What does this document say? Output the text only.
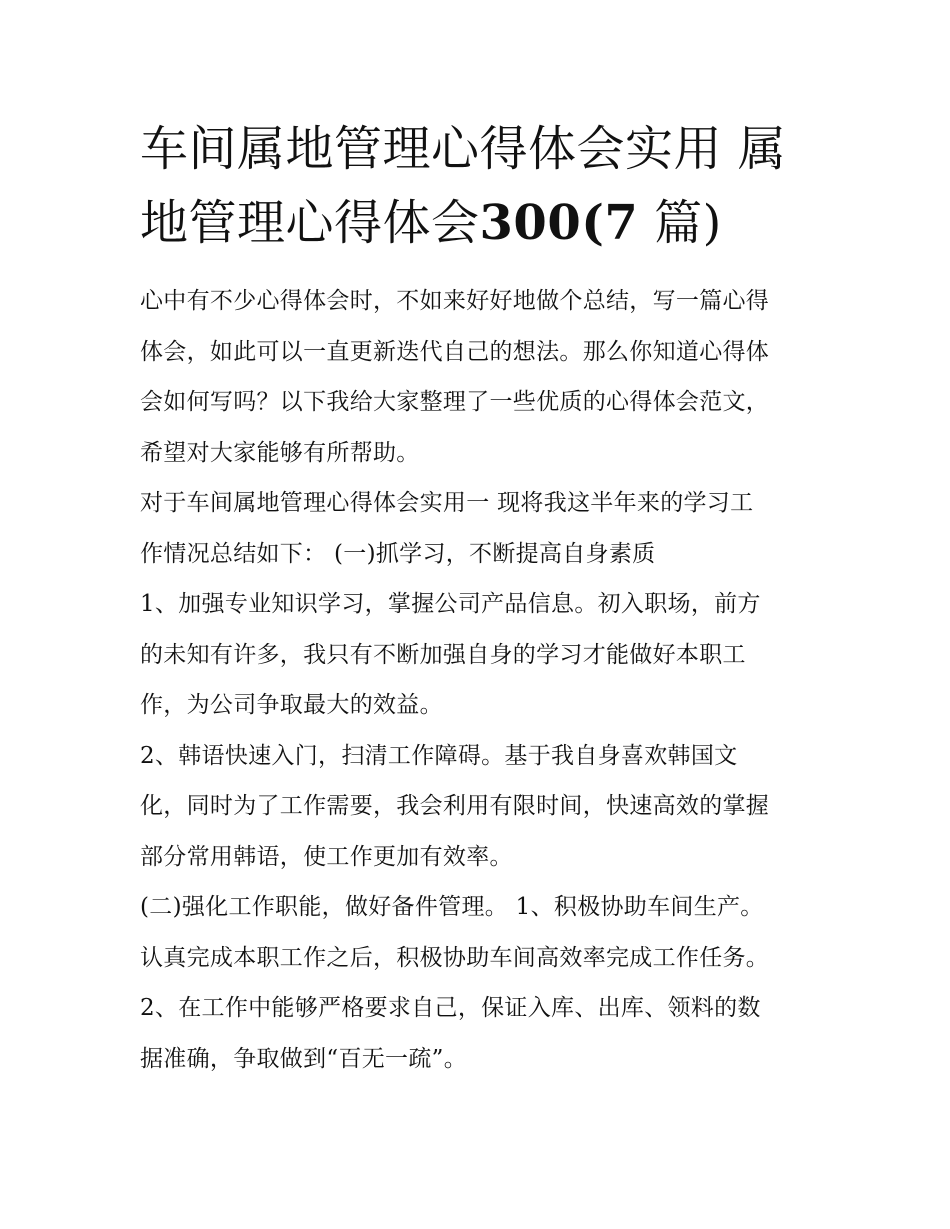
车间属地管理心得体会实用 属
地管理心得体会300(7 篇)
心中有不少心得体会时，不如来好好地做个总结，写一篇心得
体会，如此可以一直更新迭代自己的想法。那么你知道心得体
会如何写吗？以下我给大家整理了一些优质的心得体会范文，
希望对大家能够有所帮助。
对于车间属地管理心得体会实用一 现将我这半年来的学习工
作情况总结如下： (一)抓学习，不断提高自身素质
1、加强专业知识学习，掌握公司产品信息。初入职场，前方
的未知有许多，我只有不断加强自身的学习才能做好本职工
作，为公司争取最大的效益。
2、韩语快速入门，扫清工作障碍。基于我自身喜欢韩国文
化，同时为了工作需要，我会利用有限时间，快速高效的掌握
部分常用韩语，使工作更加有效率。
(二)强化工作职能，做好备件管理。 1、积极协助车间生产。
认真完成本职工作之后，积极协助车间高效率完成工作任务。
2、在工作中能够严格要求自己，保证入库、出库、领料的数
据准确，争取做到“百无一疏”。
